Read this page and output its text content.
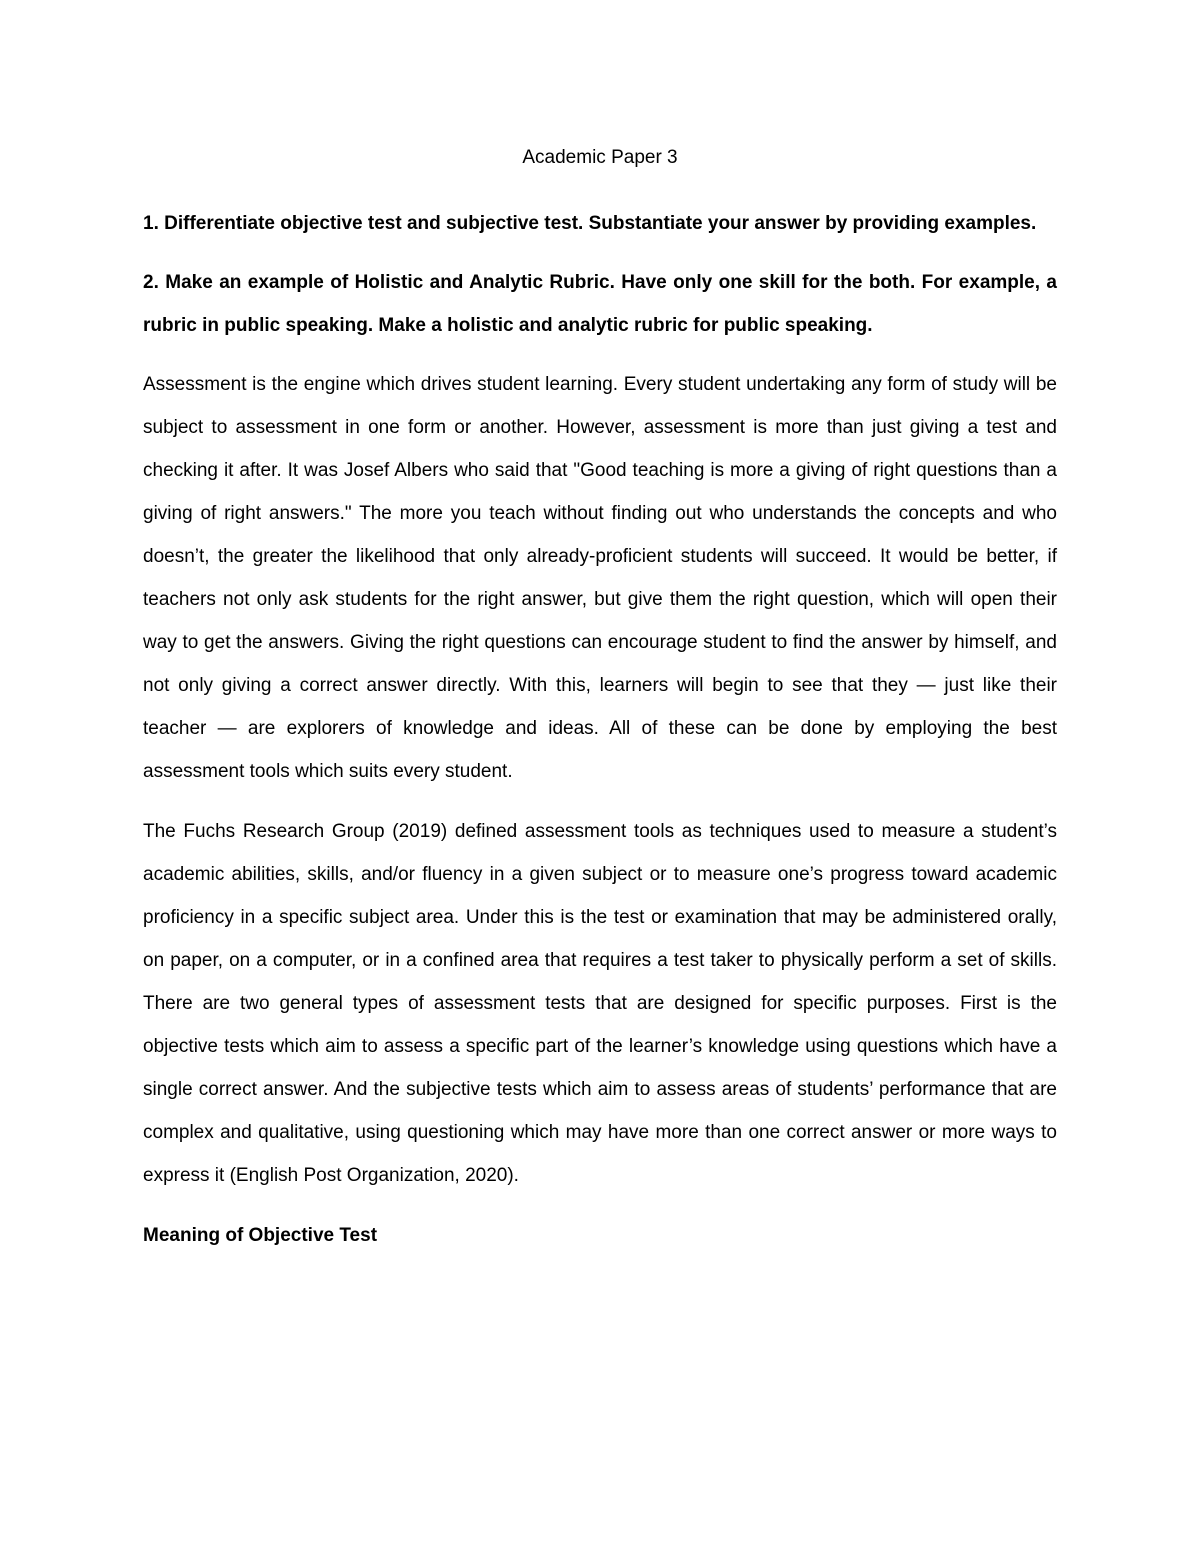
Academic Paper 3
1. Differentiate objective test and subjective test. Substantiate your answer by providing examples.
2. Make an example of Holistic and Analytic Rubric. Have only one skill for the both. For example, a rubric in public speaking. Make a holistic and analytic rubric for public speaking.
Assessment is the engine which drives student learning. Every student undertaking any form of study will be subject to assessment in one form or another. However, assessment is more than just giving a test and checking it after. It was Josef Albers who said that "Good teaching is more a giving of right questions than a giving of right answers." The more you teach without finding out who understands the concepts and who doesn’t, the greater the likelihood that only already-proficient students will succeed. It would be better, if teachers not only ask students for the right answer, but give them the right question, which will open their way to get the answers. Giving the right questions can encourage student to find the answer by himself, and not only giving a correct answer directly. With this, learners will begin to see that they — just like their teacher — are explorers of knowledge and ideas. All of these can be done by employing the best assessment tools which suits every student.
The Fuchs Research Group (2019) defined assessment tools as techniques used to measure a student’s academic abilities, skills, and/or fluency in a given subject or to measure one’s progress toward academic proficiency in a specific subject area. Under this is the test or examination that may be administered orally, on paper, on a computer, or in a confined area that requires a test taker to physically perform a set of skills. There are two general types of assessment tests that are designed for specific purposes. First is the objective tests which aim to assess a specific part of the learner’s knowledge using questions which have a single correct answer. And the subjective tests which aim to assess areas of students’ performance that are complex and qualitative, using questioning which may have more than one correct answer or more ways to express it (English Post Organization, 2020).
Meaning of Objective Test
